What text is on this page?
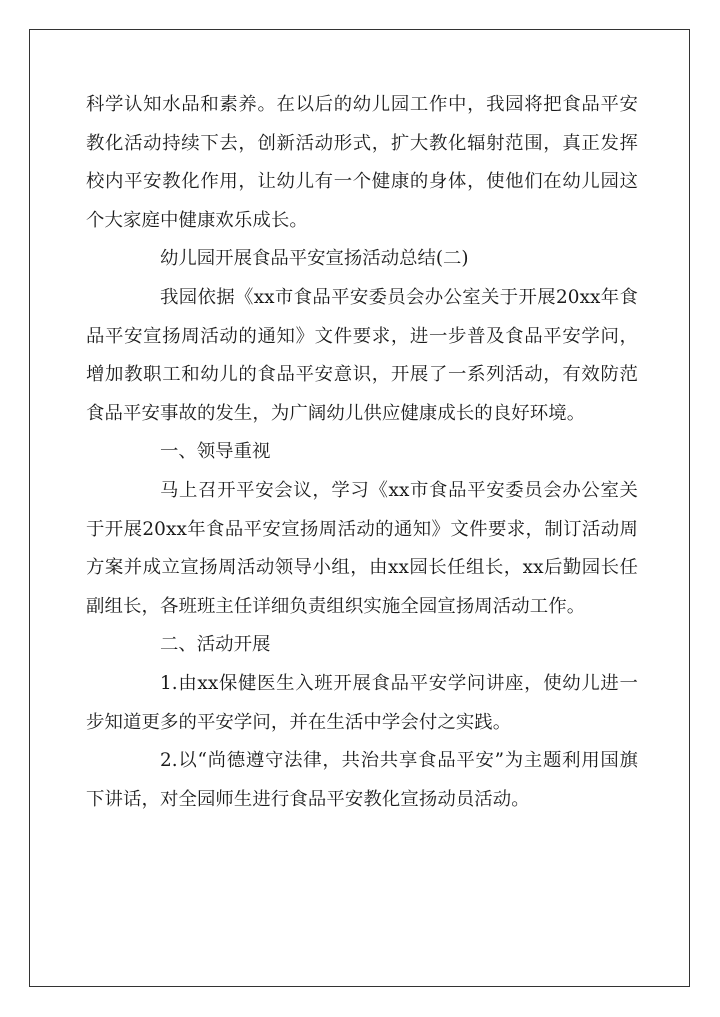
科学认知水品和素养。在以后的幼儿园工作中，我园将把食品平安教化活动持续下去，创新活动形式，扩大教化辐射范围，真正发挥校内平安教化作用，让幼儿有一个健康的身体，使他们在幼儿园这个大家庭中健康欢乐成长。

幼儿园开展食品平安宣扬活动总结(二)

我园依据《xx市食品平安委员会办公室关于开展20xx年食品平安宣扬周活动的通知》文件要求，进一步普及食品平安学问，增加教职工和幼儿的食品平安意识，开展了一系列活动，有效防范食品平安事故的发生，为广阔幼儿供应健康成长的良好环境。

一、领导重视

马上召开平安会议，学习《xx市食品平安委员会办公室关于开展20xx年食品平安宣扬周活动的通知》文件要求，制订活动周方案并成立宣扬周活动领导小组，由xx园长任组长，xx后勤园长任副组长，各班班主任详细负责组织实施全园宣扬周活动工作。

二、活动开展

1.由xx保健医生入班开展食品平安学问讲座，使幼儿进一步知道更多的平安学问，并在生活中学会付之实践。

2.以“尚德遵守法律，共治共享食品平安”为主题利用国旗下讲话，对全园师生进行食品平安教化宣扬动员活动。
